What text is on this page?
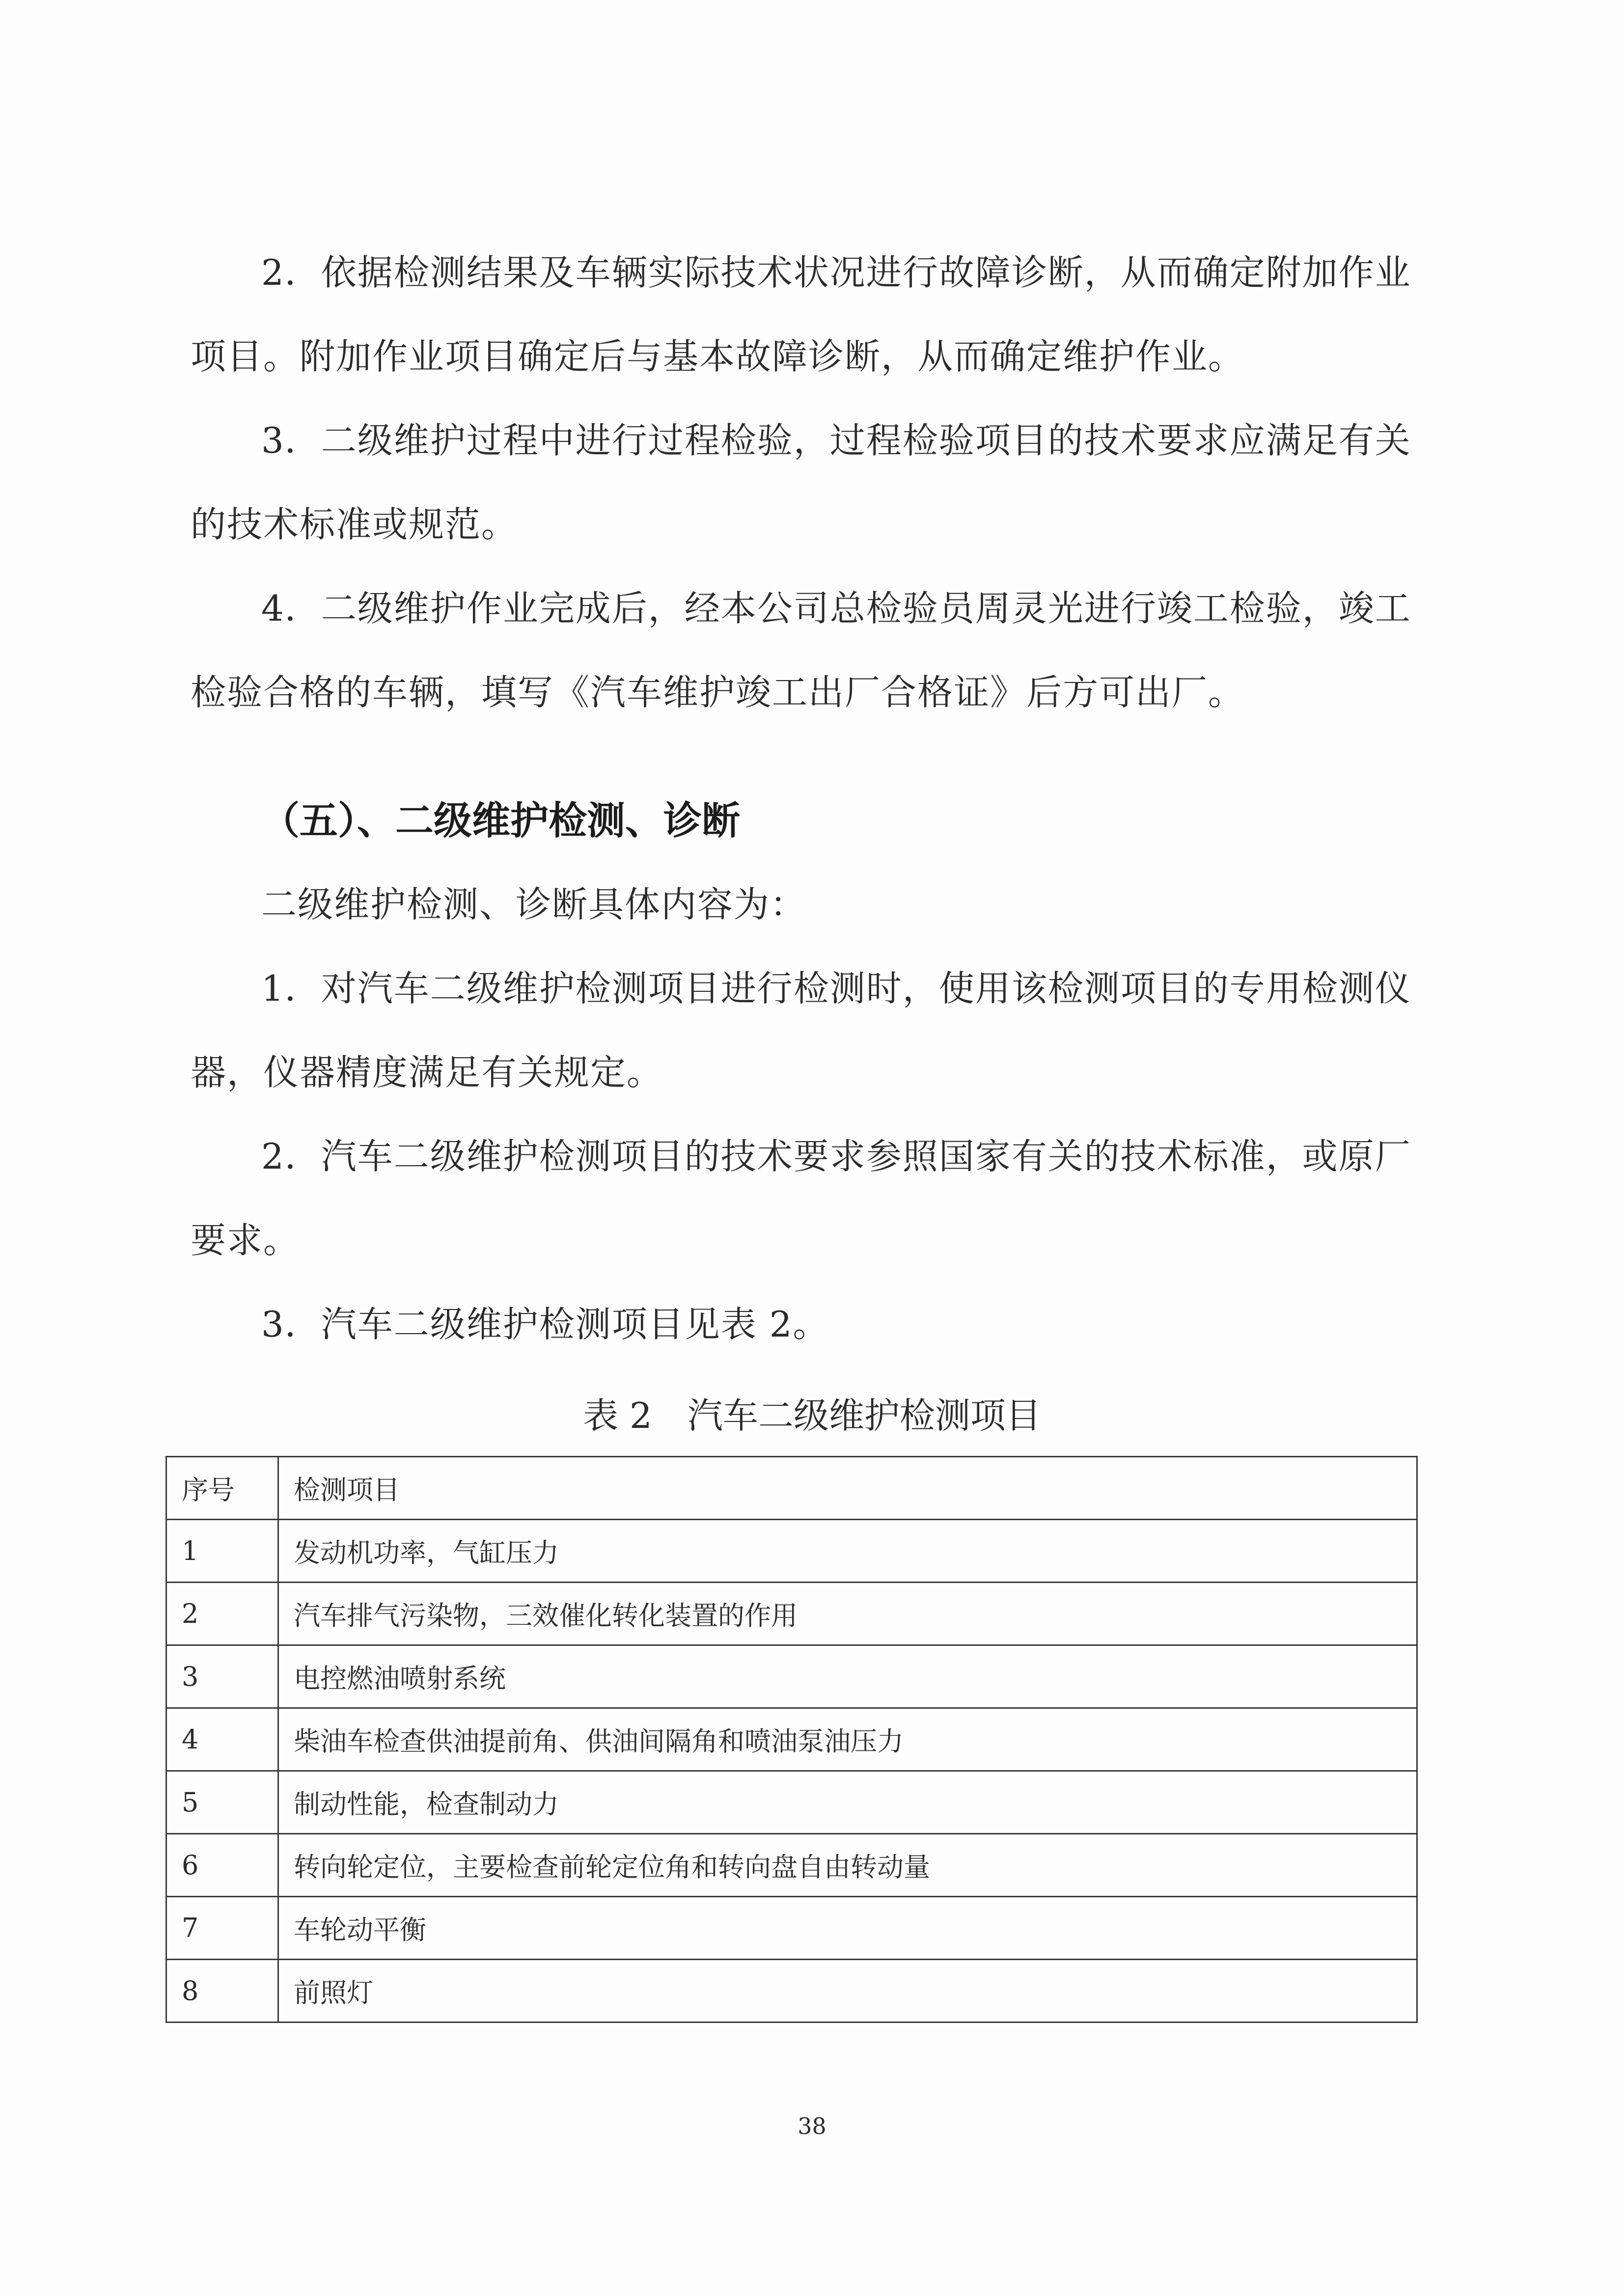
2．依据检测结果及车辆实际技术状况进行故障诊断，从而确定附加作业项目。附加作业项目确定后与基本故障诊断，从而确定维护作业。

3．二级维护过程中进行过程检验，过程检验项目的技术要求应满足有关的技术标准或规范。

4．二级维护作业完成后，经本公司总检验员周灵光进行竣工检验，竣工检验合格的车辆，填写《汽车维护竣工出厂合格证》后方可出厂。

（五）、二级维护检测、诊断

二级维护检测、诊断具体内容为：

1．对汽车二级维护检测项目进行检测时，使用该检测项目的专用检测仪器，仪器精度满足有关规定。

2．汽车二级维护检测项目的技术要求参照国家有关的技术标准，或原厂要求。

3．汽车二级维护检测项目见表 2。

表 2　汽车二级维护检测项目

序号	检测项目
1	发动机功率，气缸压力
2	汽车排气污染物，三效催化转化装置的作用
3	电控燃油喷射系统
4	柴油车检查供油提前角、供油间隔角和喷油泵油压力
5	制动性能，检查制动力
6	转向轮定位，主要检查前轮定位角和转向盘自由转动量
7	车轮动平衡
8	前照灯

38
